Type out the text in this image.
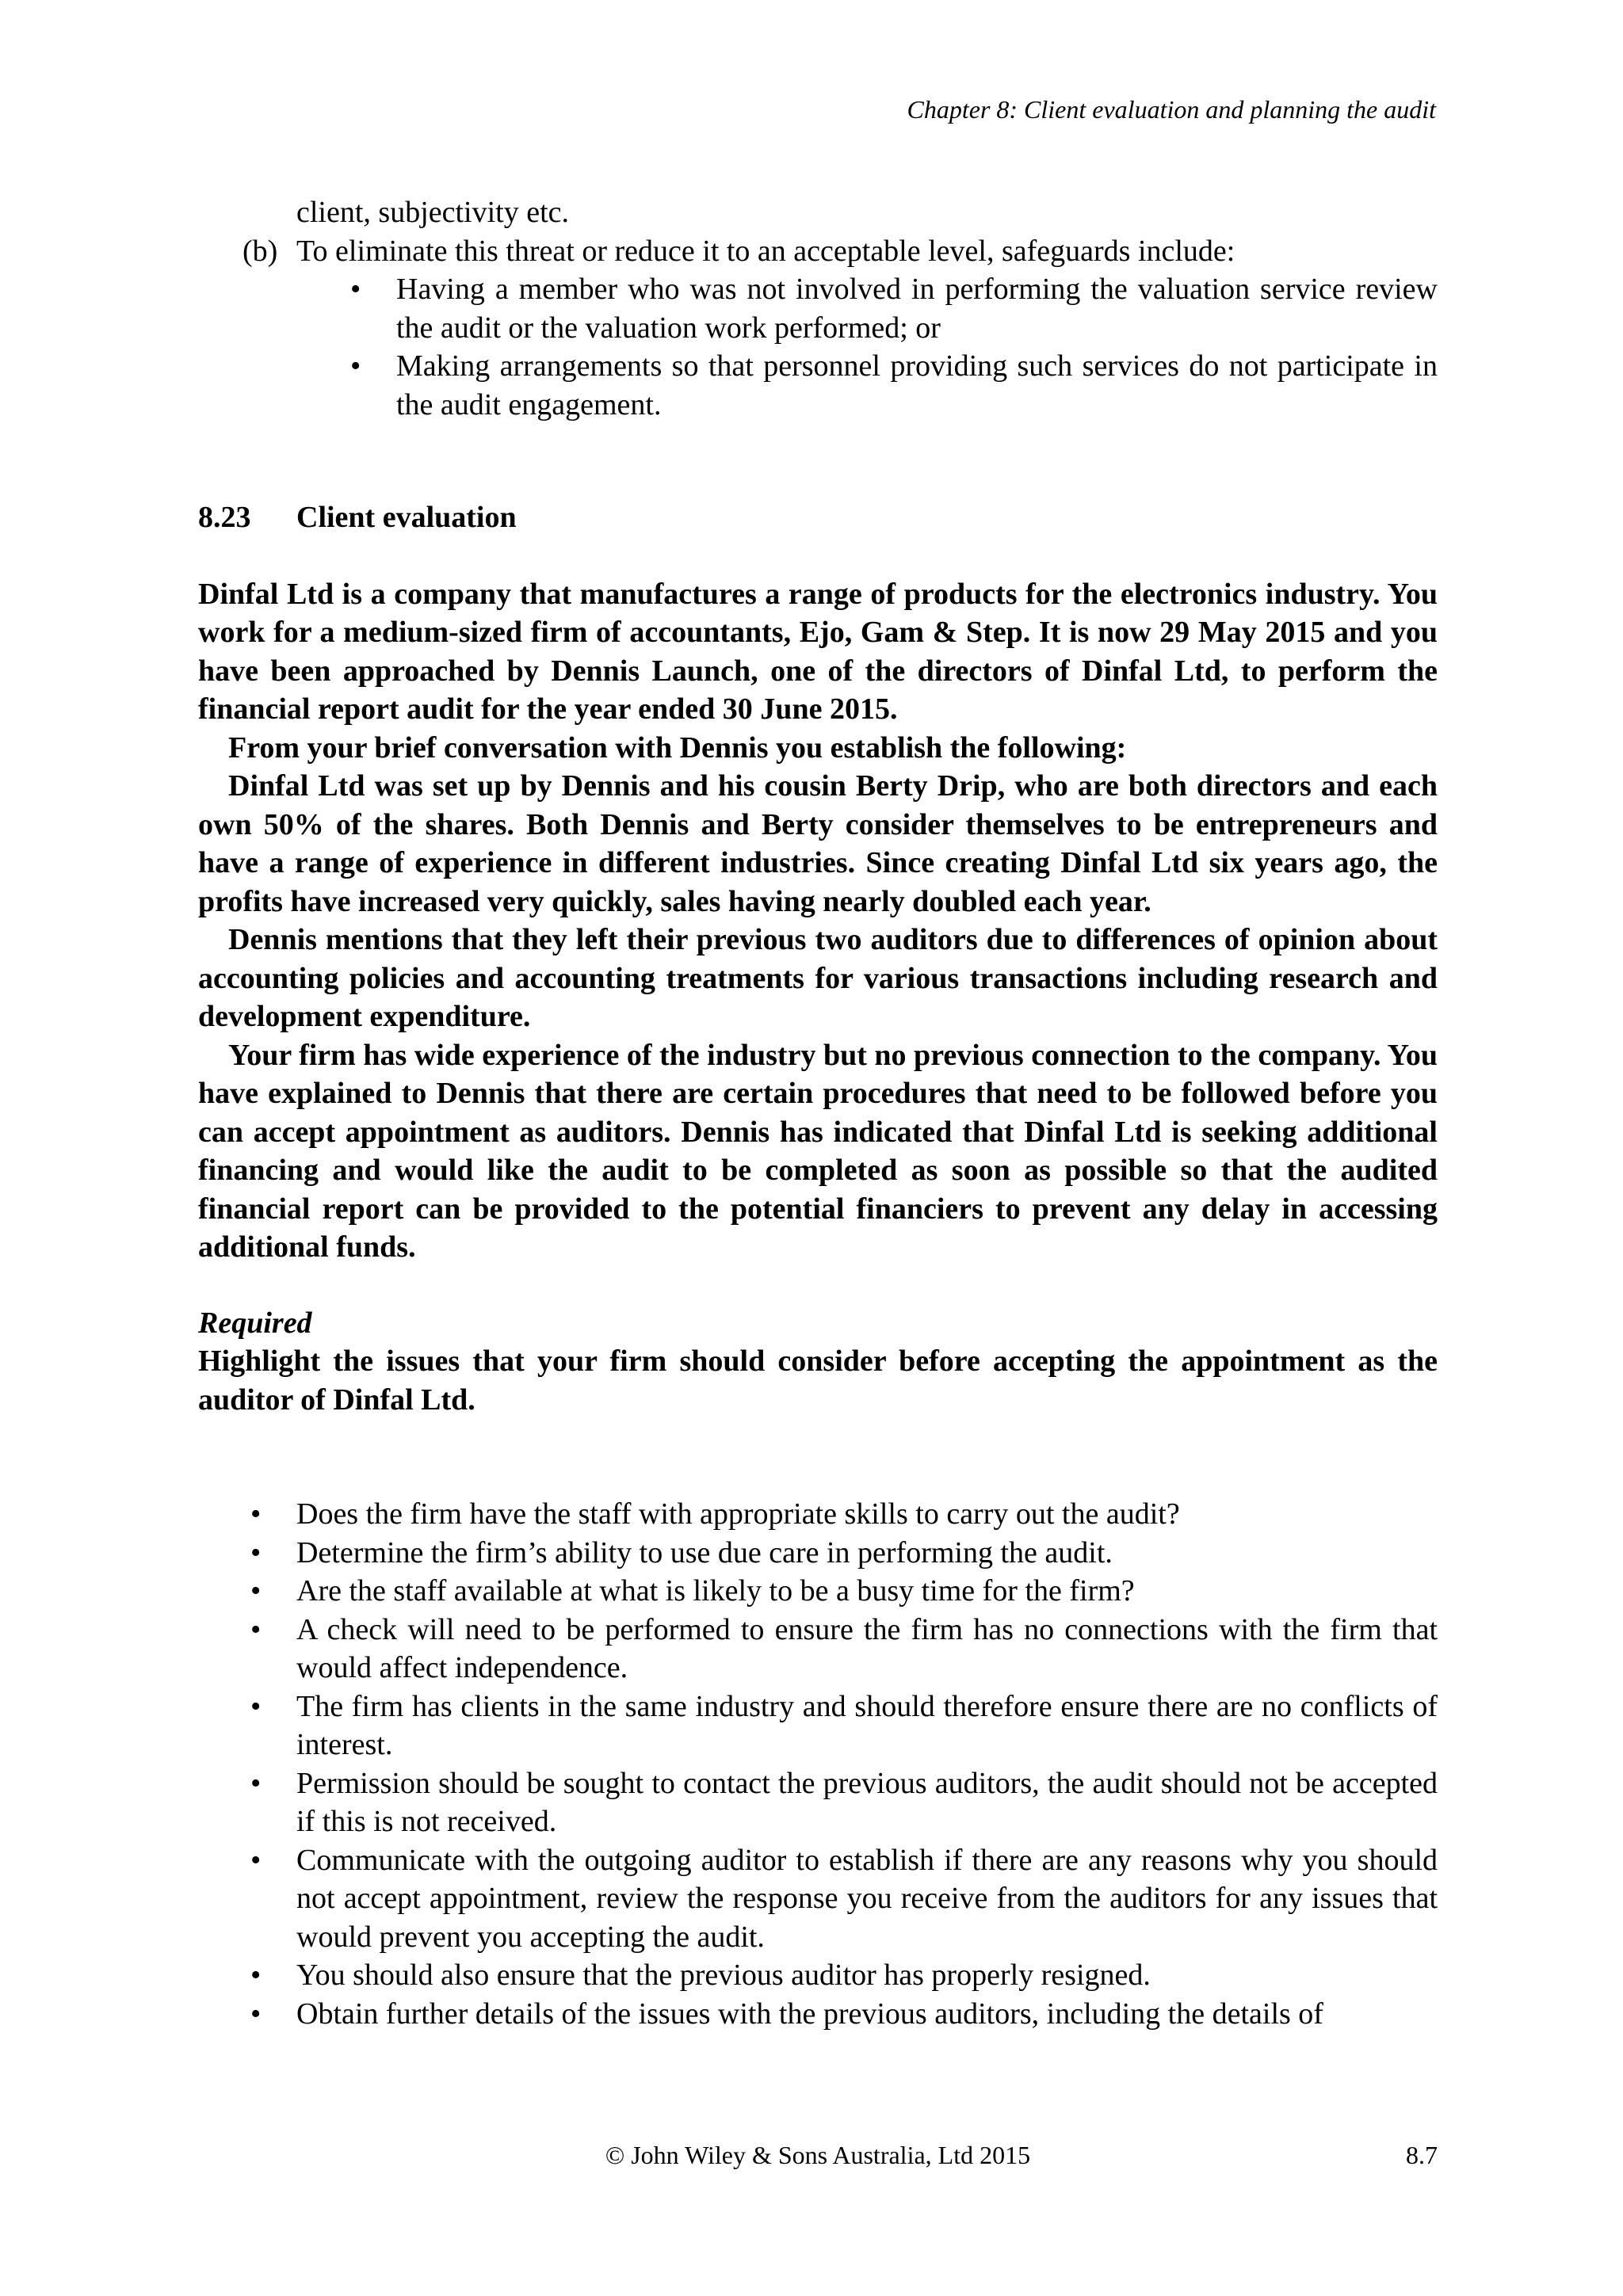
Chapter 8: Client evaluation and planning the audit

client, subjectivity etc.

(b) To eliminate this threat or reduce it to an acceptable level, safeguards include:
• Having a member who was not involved in performing the valuation service review the audit or the valuation work performed; or
• Making arrangements so that personnel providing such services do not participate in the audit engagement.
8.23	Client evaluation

Dinfal Ltd is a company that manufactures a range of products for the electronics industry. You work for a medium-sized firm of accountants, Ejo, Gam & Step. It is now 29 May 2015 and you have been approached by Dennis Launch, one of the directors of Dinfal Ltd, to perform the financial report audit for the year ended 30 June 2015.

From your brief conversation with Dennis you establish the following:

Dinfal Ltd was set up by Dennis and his cousin Berty Drip, who are both directors and each own 50% of the shares. Both Dennis and Berty consider themselves to be entrepreneurs and have a range of experience in different industries. Since creating Dinfal Ltd six years ago, the profits have increased very quickly, sales having nearly doubled each year.

Dennis mentions that they left their previous two auditors due to differences of opinion about accounting policies and accounting treatments for various transactions including research and development expenditure.

Your firm has wide experience of the industry but no previous connection to the company. You have explained to Dennis that there are certain procedures that need to be followed before you can accept appointment as auditors. Dennis has indicated that Dinfal Ltd is seeking additional financing and would like the audit to be completed as soon as possible so that the audited financial report can be provided to the potential financiers to prevent any delay in accessing additional funds.

Required

Highlight the issues that your firm should consider before accepting the appointment as the auditor of Dinfal Ltd.

• Does the firm have the staff with appropriate skills to carry out the audit?
• Determine the firm’s ability to use due care in performing the audit.
• Are the staff available at what is likely to be a busy time for the firm?
• A check will need to be performed to ensure the firm has no connections with the firm that would affect independence.
• The firm has clients in the same industry and should therefore ensure there are no conflicts of interest.
• Permission should be sought to contact the previous auditors, the audit should not be accepted if this is not received.
• Communicate with the outgoing auditor to establish if there are any reasons why you should not accept appointment, review the response you receive from the auditors for any issues that would prevent you accepting the audit.
• You should also ensure that the previous auditor has properly resigned.
• Obtain further details of the issues with the previous auditors, including the details of
© John Wiley & Sons Australia, Ltd 2015	8.7
